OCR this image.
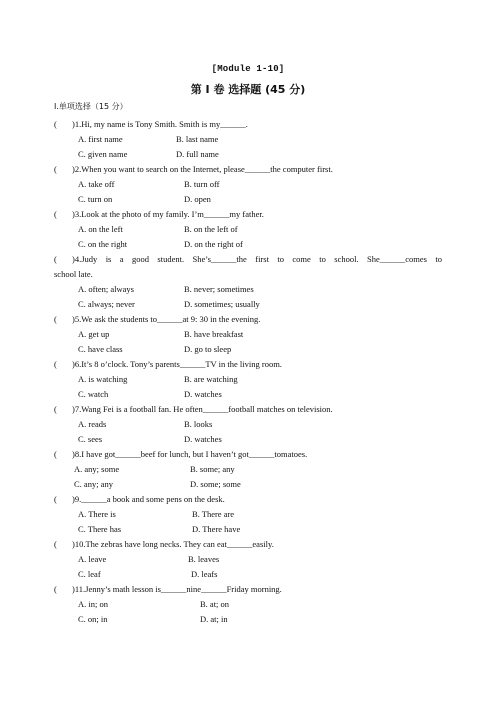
[Module 1-10]
第 I 卷 选择题 (45 分)
I.单项选择（15 分）
(	)1. Hi, my name is Tony Smith. Smith is my______.
A. first name	B. last name
C. given name	D. full name
(	)2. When you want to search on the Internet, please______the computer first.
A. take off	B. turn off
C. turn on	D. open
(	)3. Look at the photo of my family. I’m______my father.
A. on the left	B. on the left of
C. on the right	D. on the right of
(	)4. Judy is a good student. She’s______the first to come to school. She______comes to
school late.
A. often; always	B. never; sometimes
C. always; never	D. sometimes; usually
(	)5. We ask the students to______at 9: 30 in the evening.
A. get up	B. have breakfast
C. have class	D. go to sleep
(	)6. It’s 8 o’clock. Tony’s parents______TV in the living room.
A. is watching	B. are watching
C. watch	D. watches
(	)7. Wang Fei is a football fan. He often______football matches on television.
A. reads	B. looks
C. sees	D. watches
(	)8. I have got______beef for lunch, but I haven’t got______tomatoes.
A. any; some	B. some; any
C. any; any	D. some; some
(	)9. ______a book and some pens on the desk.
A. There is	B. There are
C. There has	D. There have
(	)10. The zebras have long necks. They can eat______easily.
A. leave	B. leaves
C. leaf	D. leafs
(	)11. Jenny’s math lesson is______nine______Friday morning.
A. in; on	B. at; on
C. on; in	D. at; in
